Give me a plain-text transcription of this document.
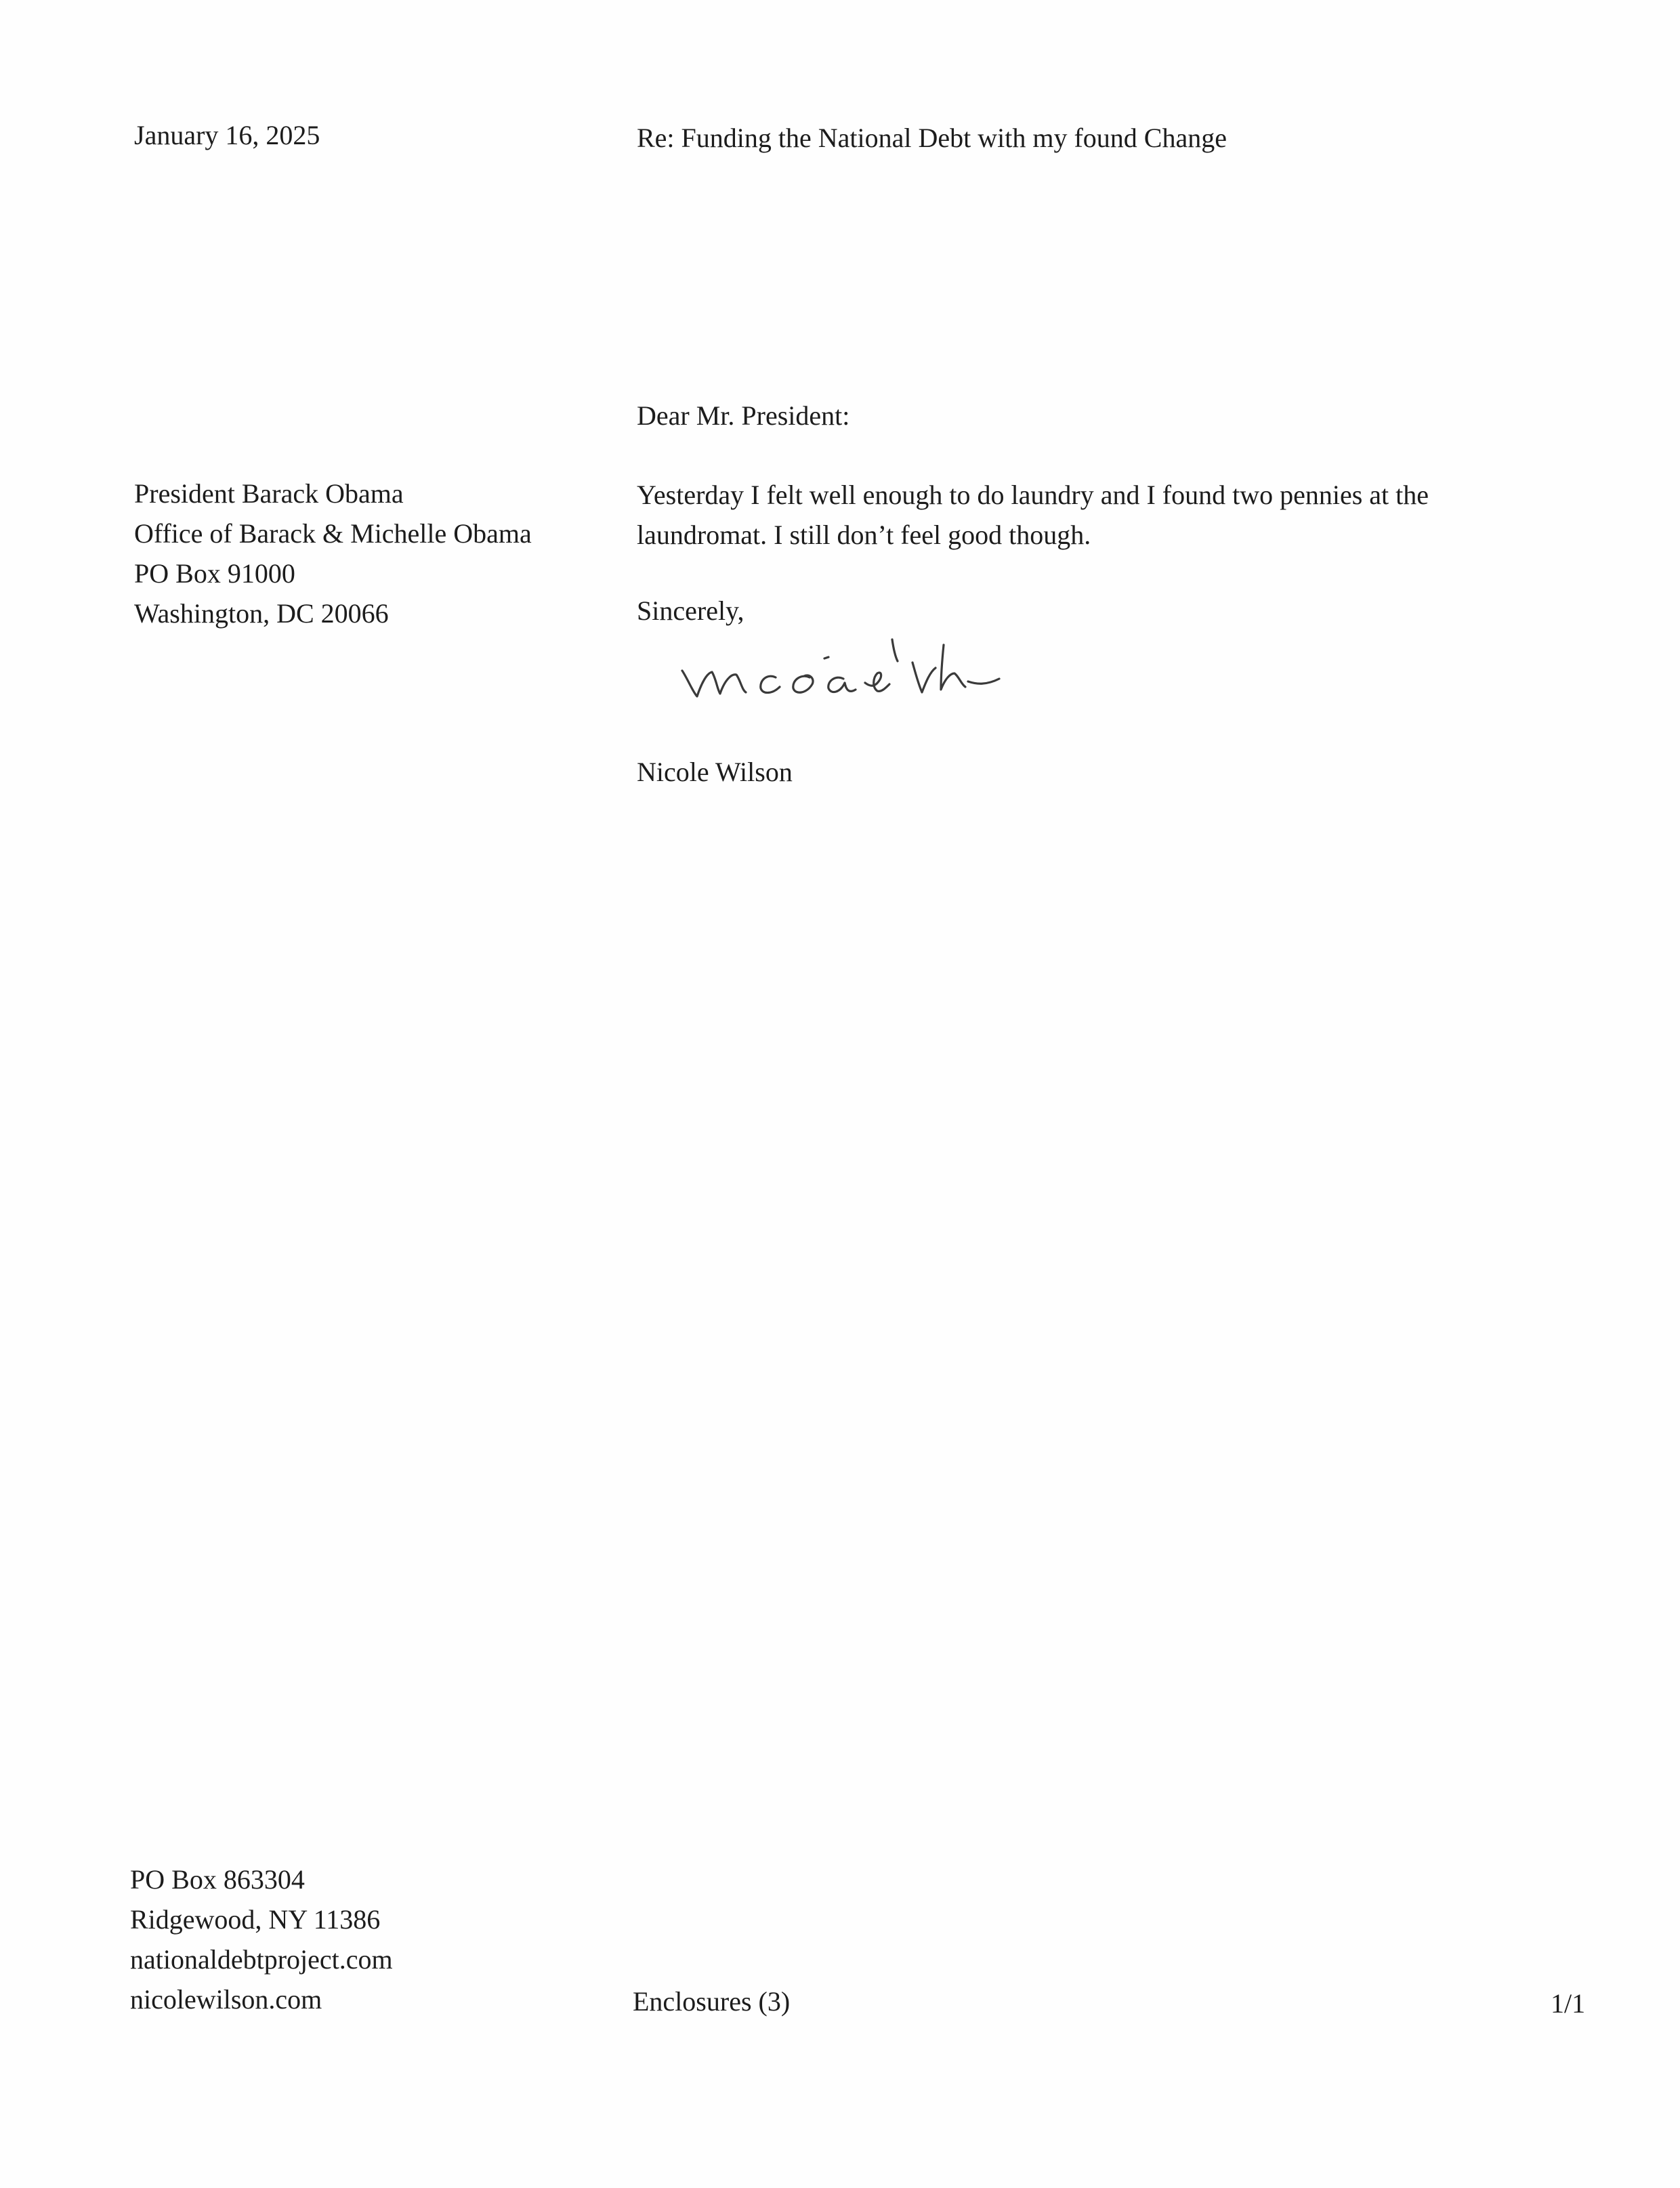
January 16, 2025	Re: Funding the National Debt with my found Change

Dear Mr. President:

President Barack Obama
Office of Barack & Michelle Obama
PO Box 91000
Washington, DC 20066
Yesterday I felt well enough to do laundry and I found two pennies at the
laundromat. I still don’t feel good though.

Sincerely,

Nicole Wilson

PO Box 863304
Ridgewood, NY 11386
nationaldebtproject.com
nicolewilson.com	Enclosures (3)	1/1
